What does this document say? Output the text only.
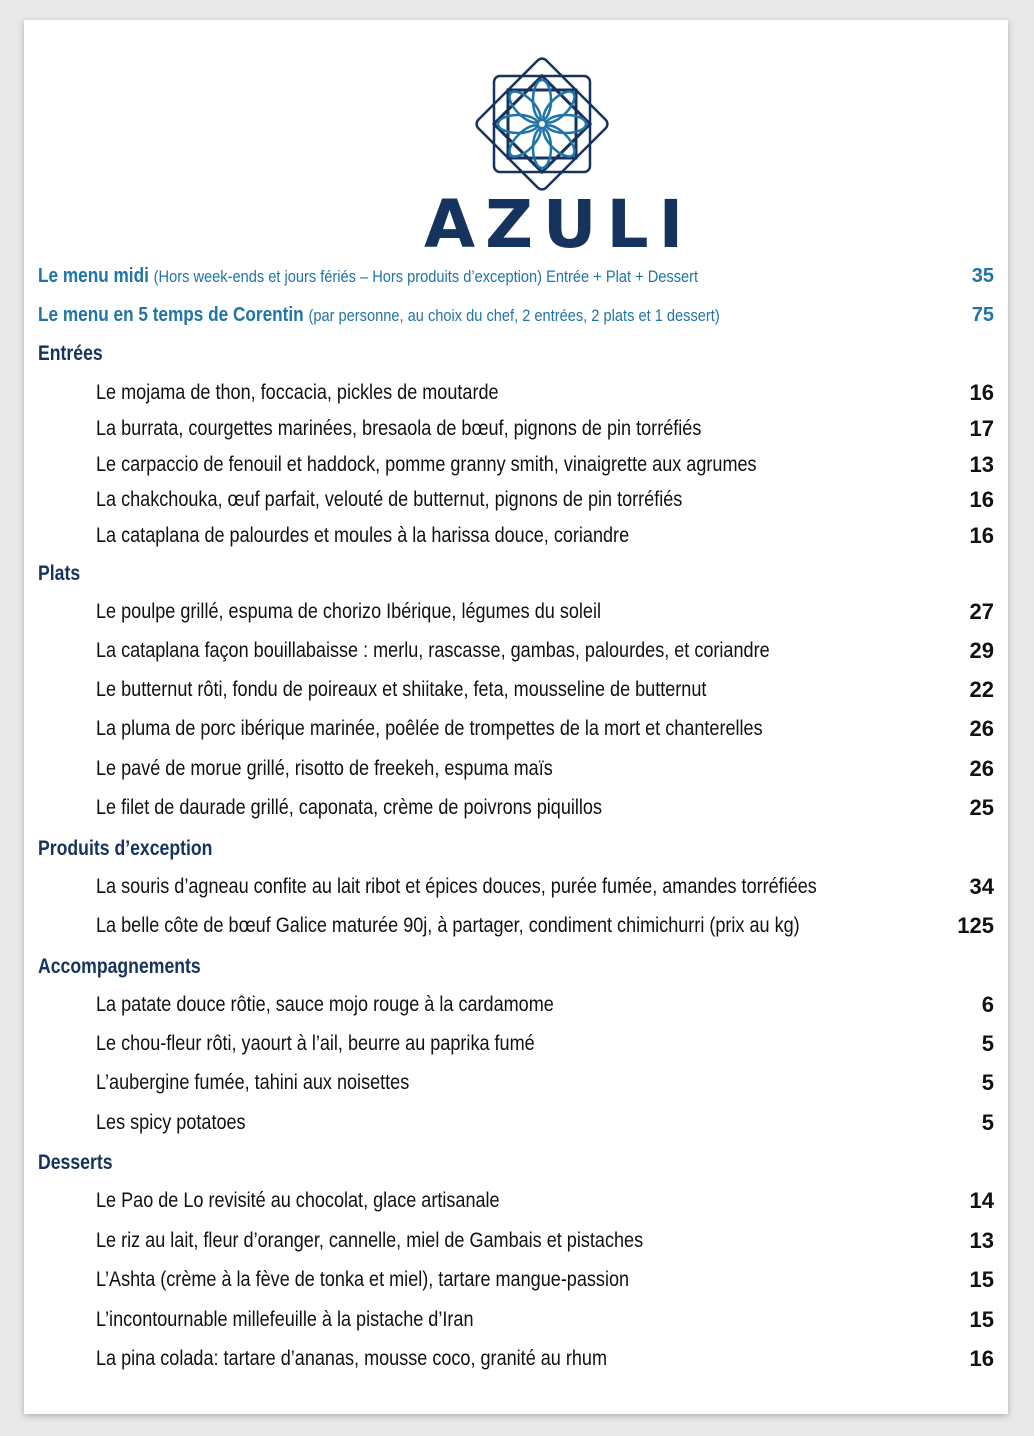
AZULI
Le menu midi (Hors week-ends et jours fériés – Hors produits d’exception) Entrée + Plat + Dessert	35
Le menu en 5 temps de Corentin (par personne, au choix du chef, 2 entrées, 2 plats et 1 dessert)	75
Entrées
Le mojama de thon, foccacia, pickles de moutarde	16
La burrata, courgettes marinées, bresaola de bœuf, pignons de pin torréfiés	17
Le carpaccio de fenouil et haddock, pomme granny smith, vinaigrette aux agrumes	13
La chakchouka, œuf parfait, velouté de butternut, pignons de pin torréfiés	16
La cataplana de palourdes et moules à la harissa douce, coriandre	16
Plats
Le poulpe grillé, espuma de chorizo Ibérique, légumes du soleil	27
La cataplana façon bouillabaisse : merlu, rascasse, gambas, palourdes, et coriandre	29
Le butternut rôti, fondu de poireaux et shiitake, feta, mousseline de butternut	22
La pluma de porc ibérique marinée, poêlée de trompettes de la mort et chanterelles	26
Le pavé de morue grillé, risotto de freekeh, espuma maïs	26
Le filet de daurade grillé, caponata, crème de poivrons piquillos	25
Produits d’exception
La souris d’agneau confite au lait ribot et épices douces, purée fumée, amandes torréfiées	34
La belle côte de bœuf Galice maturée 90j, à partager, condiment chimichurri (prix au kg)	125
Accompagnements
La patate douce rôtie, sauce mojo rouge à la cardamome	6
Le chou-fleur rôti, yaourt à l’ail, beurre au paprika fumé	5
L’aubergine fumée, tahini aux noisettes	5
Les spicy potatoes	5
Desserts
Le Pao de Lo revisité au chocolat, glace artisanale	14
Le riz au lait, fleur d’oranger, cannelle, miel de Gambais et pistaches	13
L’Ashta (crème à la fève de tonka et miel), tartare mangue-passion	15
L’incontournable millefeuille à la pistache d’Iran	15
La pina colada: tartare d’ananas, mousse coco, granité au rhum	16
